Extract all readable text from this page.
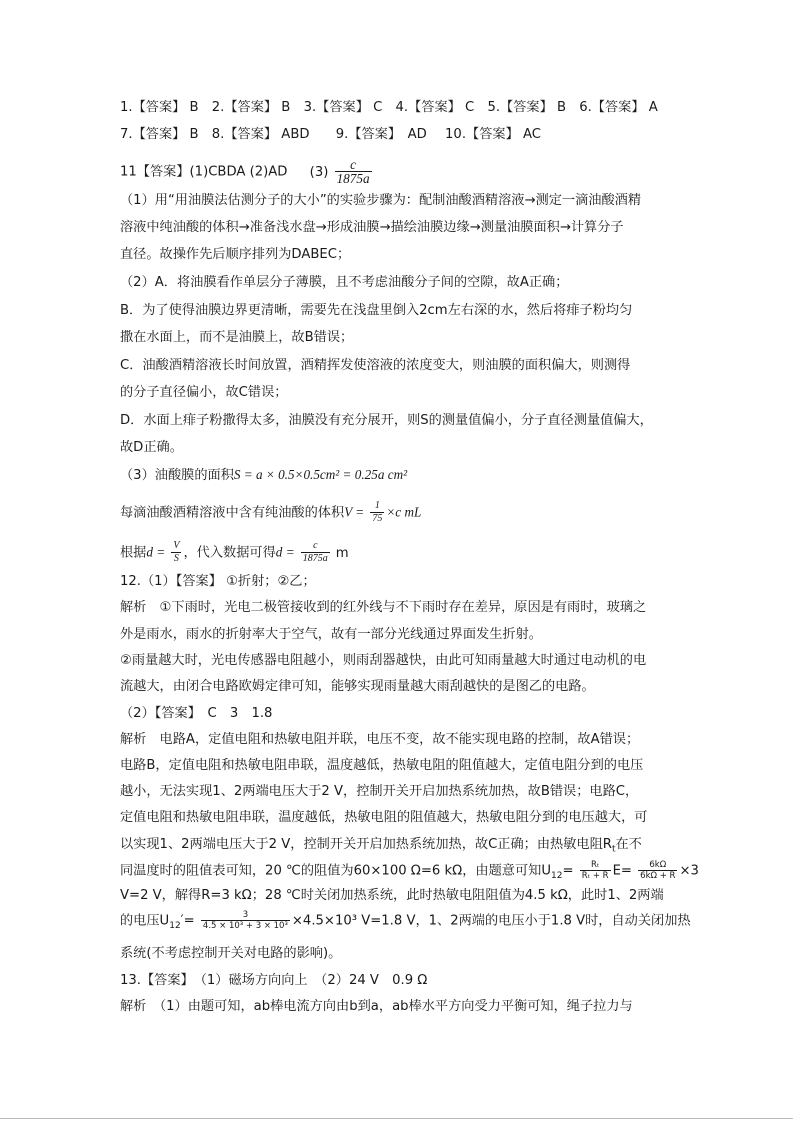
1.【答案】 B 2.【答案】 B 3.【答案】 C 4.【答案】 C 5.【答案】 B 6.【答案】 A
7.【答案】 B 8.【答案】 ABD 9.【答案】　AD 10.【答案】 AC
11【答案】(1)CBDA (2)AD $(3) \frac{c}{1875a}$
（1）用“用油膜法估测分子的大小”的实验步骤为：配制油酸酒精溶液→测定一滴油酸酒精
溶液中纯油酸的体积→准备浅水盘→形成油膜→描绘油膜边缘→测量油膜面积→计算分子
直径。故操作先后顺序排列为DABEC；
（2）A．将油膜看作单层分子薄膜，且不考虑油酸分子间的空隙，故A正确；
B．为了使得油膜边界更清晰，需要先在浅盘里倒入2cm左右深的水，然后将痱子粉均匀
撒在水面上，而不是油膜上，故B错误；
C．油酸酒精溶液长时间放置，酒精挥发使溶液的浓度变大，则油膜的面积偏大，则测得
的分子直径偏小，故C错误；
D．水面上痱子粉撒得太多，油膜没有充分展开，则S的测量值偏小，分子直径测量值偏大，
故D正确。
（3）油酸膜的面积S = a × 0.5×0.5cm² = 0.25a cm²
每滴油酸酒精溶液中含有纯油酸的体积$V = \frac{1}{75} \times c$ mL
根据$d = \frac{V}{S}$ ，代入数据可得$d = \frac{c}{1875a}$ m
12.（1）【答案】 ①折射；②乙；
解析　①下雨时，光电二极管接收到的红外线与不下雨时存在差异，原因是有雨时，玻璃之
外是雨水，雨水的折射率大于空气，故有一部分光线通过界面发生折射。
②雨量越大时，光电传感器电阻越小，则雨刮器越快，由此可知雨量越大时通过电动机的电
流越大，由闭合电路欧姆定律可知，能够实现雨量越大雨刮越快的是图乙的电路。
（2）【答案】　C　3　1.8
解析　电路A，定值电阻和热敏电阻并联，电压不变，故不能实现电路的控制，故A错误；
电路B，定值电阻和热敏电阻串联，温度越低，热敏电阻的阻值越大，定值电阻分到的电压
越小，无法实现1、2两端电压大于2 V，控制开关开启加热系统加热，故B错误；电路C，
定值电阻和热敏电阻串联，温度越低，热敏电阻的阻值越大，热敏电阻分到的电压越大，可
以实现1、2两端电压大于2 V，控制开关开启加热系统加热，故C正确；由热敏电阻$R_t$在不
同温度时的阻值表可知，20 ℃的阻值为60×100 Ω=6 kΩ，由题意可知$U_{12}= \frac{\text{Rₜ}}{\text{Rₜ + R}} E= \frac{6k\Omega}{6k\Omega + R} \times 3$
V=2 V，解得R=3 kΩ；28 ℃时关闭加热系统，此时热敏电阻阻值为4.5 kΩ，此时1、2两端
的电压$U_{12}'= \frac{3}{\text{4.5 × 10³ + 3 × 10³}} \times 4.5\times 10^3$ V=1.8 V，1、2两端的电压小于1.8 V时，自动关闭加热
系统(不考虑控制开关对电路的影响)。
13.【答案】　（1）磁场方向向上　（2）24 V　0.9 Ω
解析　（1）由题可知，ab棒电流方向由b到a，ab棒水平方向受力平衡可知，绳子拉力与
